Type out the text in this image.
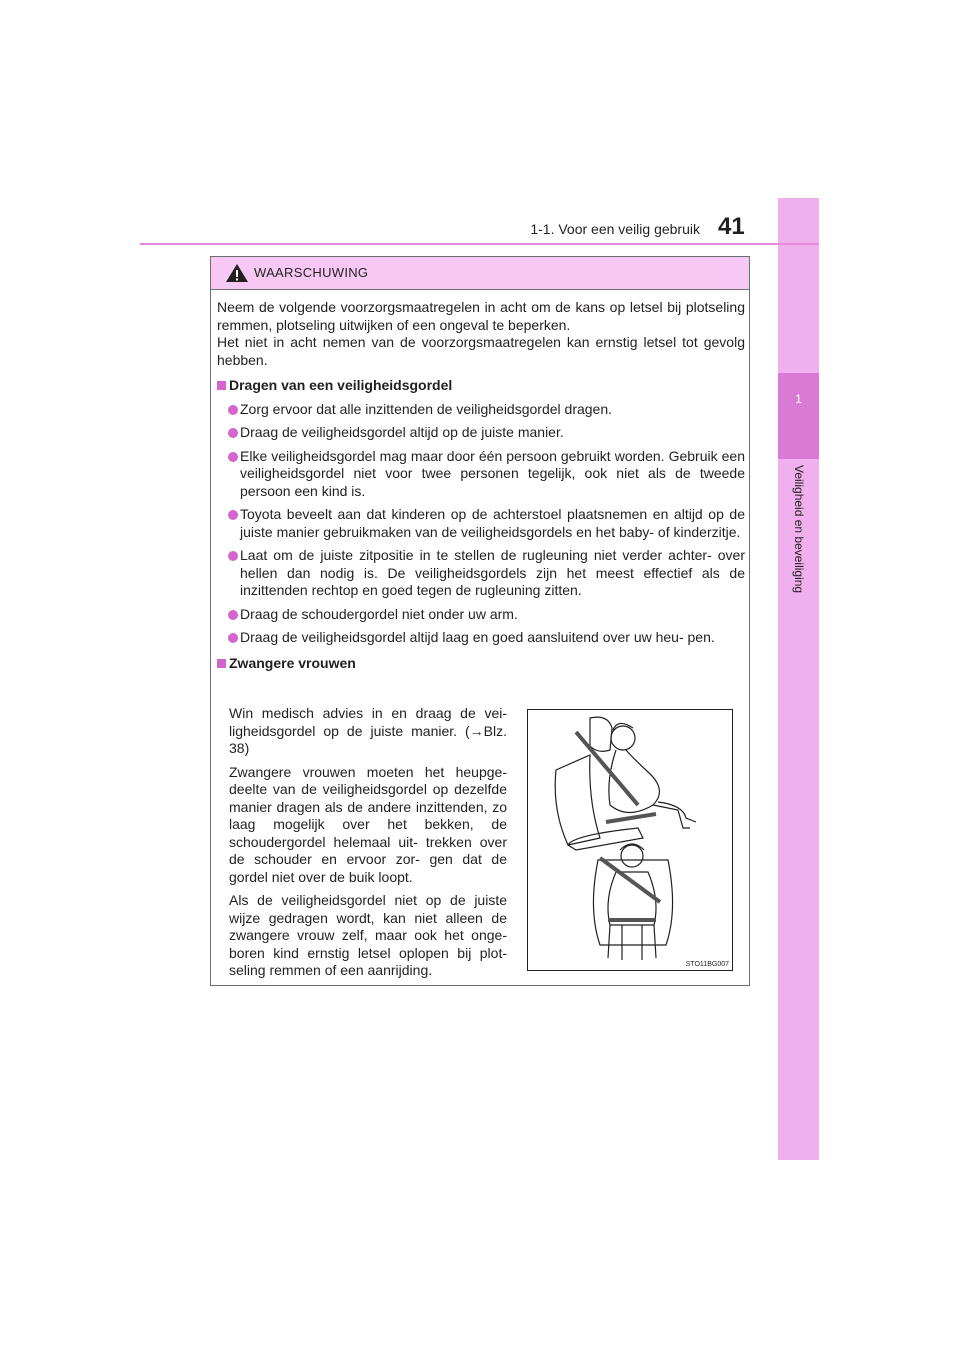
1
Veiligheid en beveiliging
1-1. Voor een veilig gebruik 41
WAARSCHUWING

Neem de volgende voorzorgsmaatregelen in acht om de kans op letsel bij plotseling remmen, plotseling uitwijken of een ongeval te beperken.

Het niet in acht nemen van de voorzorgsmaatregelen kan ernstig letsel tot gevolg hebben.

Dragen van een veiligheidsgordel
Zorg ervoor dat alle inzittenden de veiligheidsgordel dragen.
Draag de veiligheidsgordel altijd op de juiste manier.
Elke veiligheidsgordel mag maar door één persoon gebruikt worden. Gebruik een veiligheidsgordel niet voor twee personen tegelijk, ook niet als de tweede persoon een kind is.
Toyota beveelt aan dat kinderen op de achterstoel plaatsnemen en altijd op de juiste manier gebruikmaken van de veiligheidsgordels en het baby- of kinderzitje.
Laat om de juiste zitpositie in te stellen de rugleuning niet verder achter- over hellen dan nodig is. De veiligheidsgordels zijn het meest effectief als de inzittenden rechtop en goed tegen de rugleuning zitten.
Draag de schoudergordel niet onder uw arm.
Draag de veiligheidsgordel altijd laag en goed aansluitend over uw heu- pen.
Zwangere vrouwen

Win medisch advies in en draag de vei- ligheidsgordel op de juiste manier. (→Blz. 38)

Zwangere vrouwen moeten het heupge- deelte van de veiligheidsgordel op dezelfde manier dragen als de andere inzittenden, zo laag mogelijk over het bekken, de schoudergordel helemaal uit- trekken over de schouder en ervoor zor- gen dat de gordel niet over de buik loopt.

Als de veiligheidsgordel niet op de juiste wijze gedragen wordt, kan niet alleen de zwangere vrouw zelf, maar ook het onge- boren kind ernstig letsel oplopen bij plot- seling remmen of een aanrijding.	STO11BG007
